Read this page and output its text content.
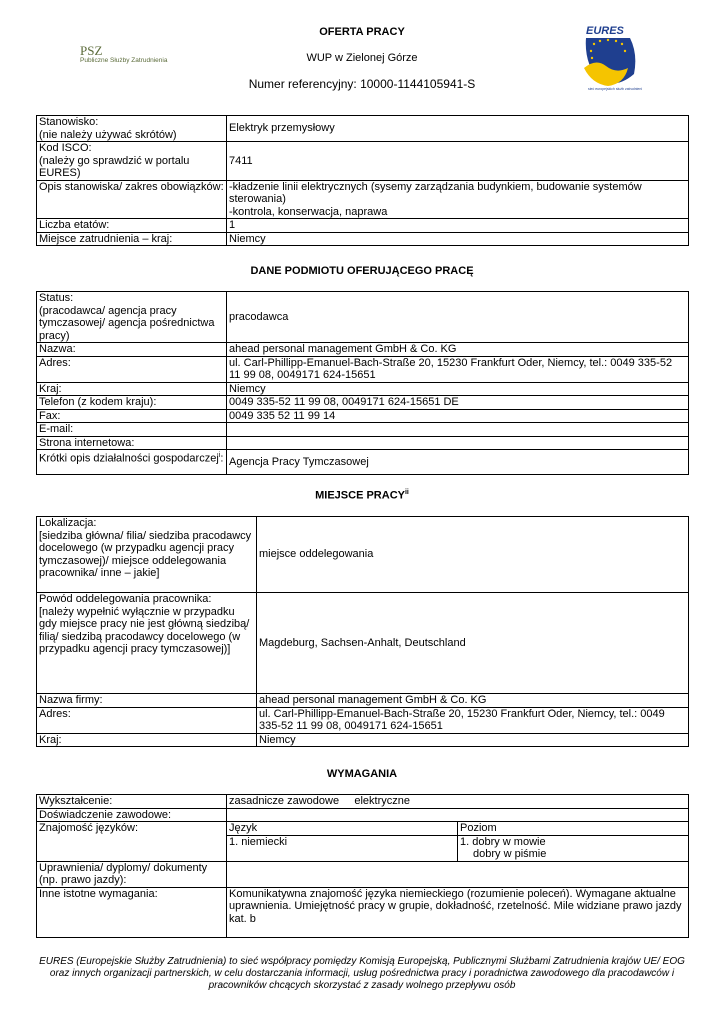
OFERTA PRACY
WUP w Zielonej Górze
Numer referencyjny: 10000-1144105941-S
PSZ
Publiczne Służby Zatrudnienia
EURES
sieć europejskich służb zatrudnienia
Stanowisko:
(nie należy używać skrótów)	Elektryk przemysłowy
Kod ISCO:
(należy go sprawdzić w portalu EURES)	7411
Opis stanowiska/ zakres obowiązków:	-kładzenie linii elektrycznych (sysemy zarządzania budynkiem, budowanie systemów sterowania)
-kontrola, konserwacja, naprawa
Liczba etatów:	1
Miejsce zatrudnienia – kraj:	Niemcy
DANE PODMIOTU OFERUJĄCEGO PRACĘ
Status:
(pracodawca/ agencja pracy tymczasowej/ agencja pośrednictwa pracy)	pracodawca
Nazwa:	ahead personal management GmbH & Co. KG
Adres:	ul. Carl-Phillipp-Emanuel-Bach-Straße 20, 15230 Frankfurt Oder, Niemcy, tel.: 0049 335-52 11 99 08, 0049171 624-15651
Kraj:	Niemcy
Telefon (z kodem kraju):	0049 335-52 11 99 08, 0049171 624-15651 DE
Fax:	0049 335 52 11 99 14
E-mail:	
Strona internetowa:	
Krótki opis działalności gospodarczej$^i$:	Agencja Pracy Tymczasowej
MIEJSCE PRACY$^{ii}$
Lokalizacja:
[siedziba główna/ filia/ siedziba pracodawcy docelowego (w przypadku agencji pracy tymczasowej)/ miejsce oddelegowania pracownika/ inne – jakie]	miejsce oddelegowania
Powód oddelegowania pracownika:
[należy wypełnić wyłącznie w przypadku gdy miejsce pracy nie jest główną siedzibą/ filią/ siedzibą pracodawcy docelowego (w przypadku agencji pracy tymczasowej)]	Magdeburg, Sachsen-Anhalt, Deutschland
Nazwa firmy:	ahead personal management GmbH & Co. KG
Adres:	ul. Carl-Phillipp-Emanuel-Bach-Straße 20, 15230 Frankfurt Oder, Niemcy, tel.: 0049 335-52 11 99 08, 0049171 624-15651
Kraj:	Niemcy
WYMAGANIA
Wykształcenie:	zasadnicze zawodowe     elektryczne	
Doświadczenie zawodowe:		
Znajomość języków:	Język	Poziom
	1. niemiecki	1. dobry w mowie
dobry w piśmie

Uprawnienia/ dyplomy/ dokumenty (np. prawo jazdy):		
Inne istotne wymagania:	Komunikatywna znajomość języka niemieckiego (rozumienie poleceń). Wymagane aktualne uprawnienia. Umiejętność pracy w grupie, dokładność, rzetelność. Mile widziane prawo jazdy kat. b	
EURES (Europejskie Służby Zatrudnienia) to sieć współpracy pomiędzy Komisją Europejską, Publicznymi Służbami Zatrudnienia krajów UE/ EOG oraz innych organizacji partnerskich, w celu dostarczania informacji, usług pośrednictwa pracy i poradnictwa zawodowego dla pracodawców i pracowników chcących skorzystać z zasady wolnego przepływu osób
